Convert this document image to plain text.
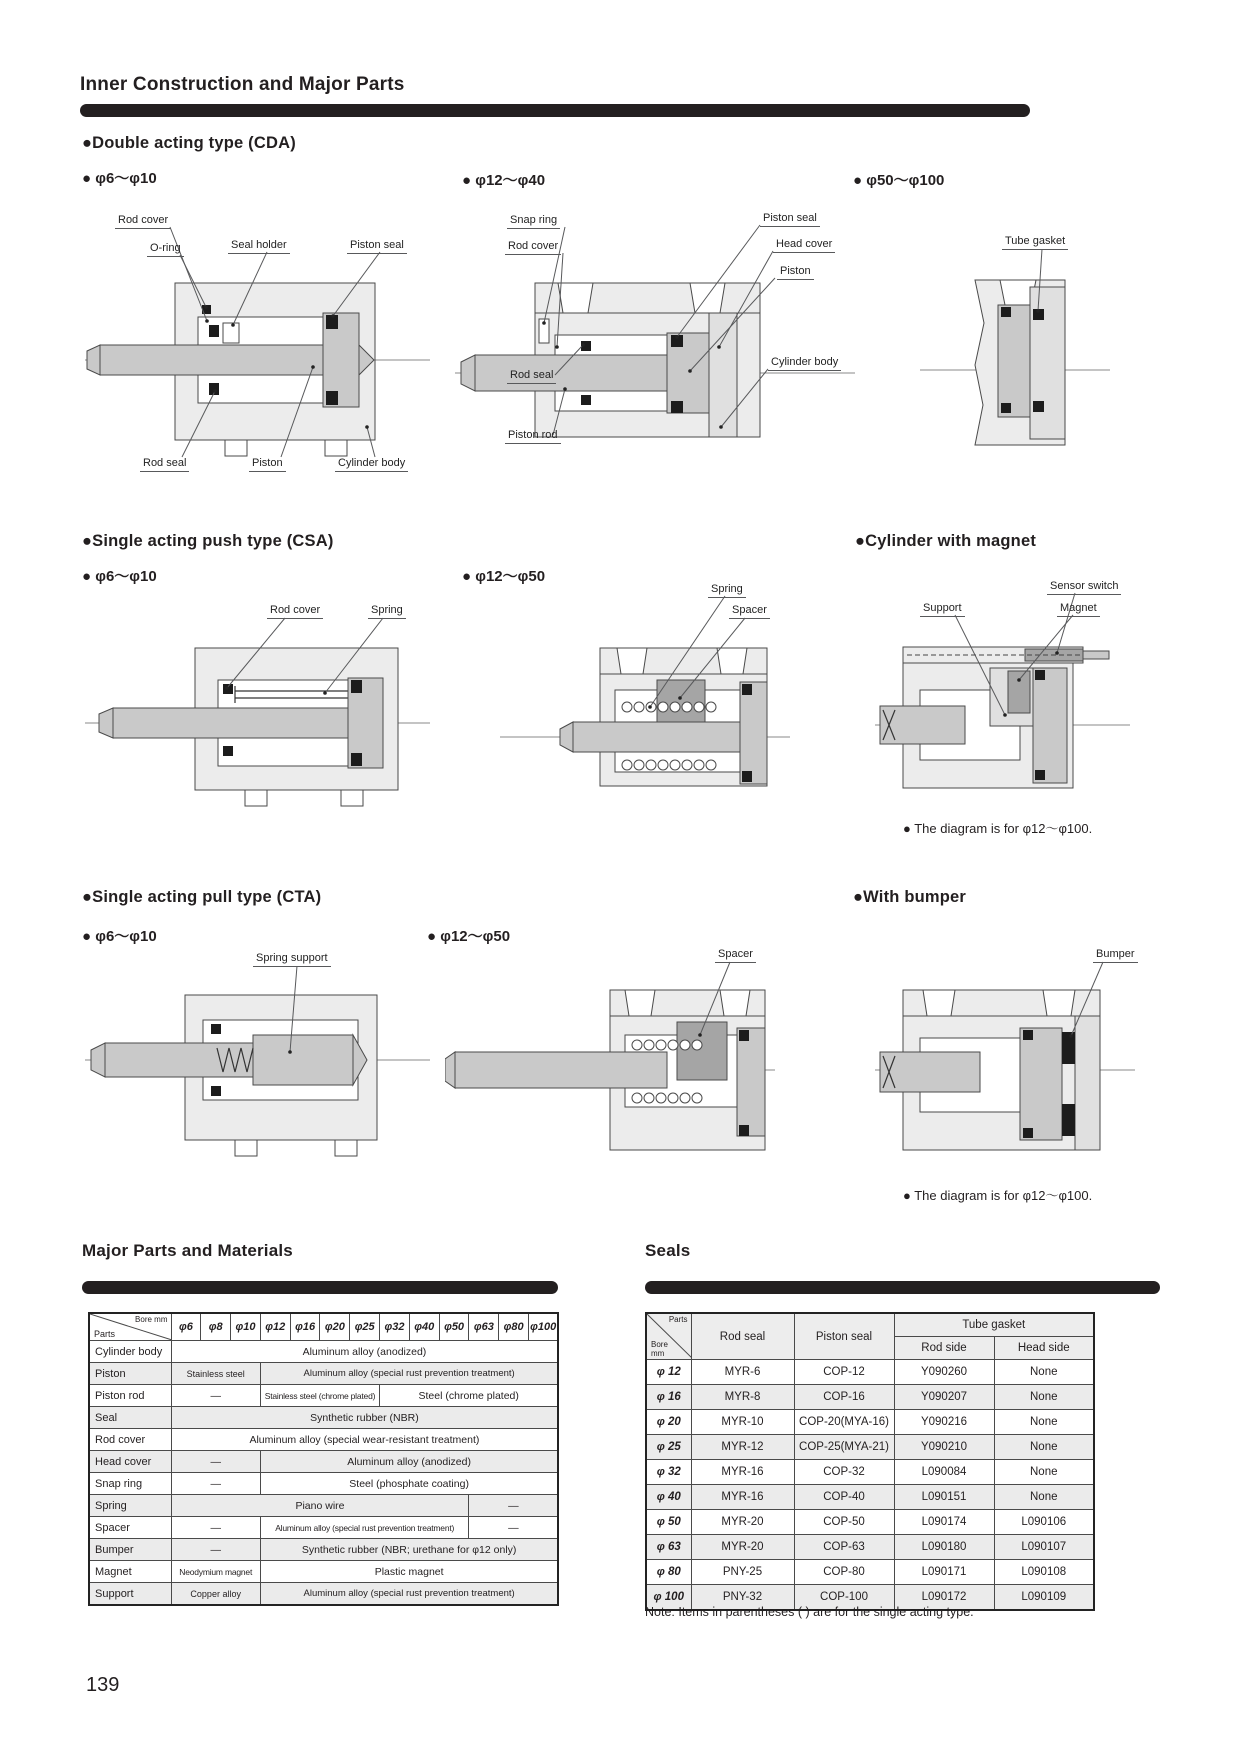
Inner Construction and Major Parts
●Double acting type (CDA)
● φ6～φ10	● φ12～φ40	● φ50～φ100
Rod cover
O-ring	Seal holder	Piston seal
Rod seal	Piston	Cylinder body
Snap ring
Rod cover
Piston seal
Head cover
Piston
Cylinder body
Rod seal
Piston rod
Tube gasket
●Single acting push type (CSA)	●Cylinder with magnet
● φ6～φ10	● φ12～φ50
Rod cover	Spring
Spring
Spacer	Support
Sensor switch
Magnet
● The diagram is for φ12～φ100.
●Single acting pull type (CTA)	●With bumper
● φ6～φ10	● φ12～φ50
Spring support	Spacer	Bumper
● The diagram is for φ12～φ100.
Major Parts and Materials
Bore mm
Parts	φ6	φ8	φ10	φ12	φ16	φ20	φ25	φ32	φ40	φ50	φ63	φ80	φ100
Cylinder body	Aluminum alloy (anodized)												
Piston	Stainless steel			Aluminum alloy (special rust prevention treatment)									
Piston rod	—			Stainless steel (chrome plated)				Steel (chrome plated)					
Seal	Synthetic rubber (NBR)												
Rod cover	Aluminum alloy (special wear-resistant treatment)												
Head cover	—			Aluminum alloy (anodized)									
Snap ring	—			Steel (phosphate coating)									
Spring	Piano wire										—		
Spacer	—			Aluminum alloy (special rust prevention treatment)							—		
Bumper	—			Synthetic rubber (NBR; urethane for φ12 only)									
Magnet	Neodymium magnet			Plastic magnet									
Support	Copper alloy			Aluminum alloy (special rust prevention treatment)									
Seals
Parts
Bore
mm	Rod seal	Piston seal	Tube gasket	
			Rod side	Head side
φ 12	MYR-6	COP-12	Y090260	None
φ 16	MYR-8	COP-16	Y090207	None
φ 20	MYR-10	COP-20(MYA-16)	Y090216	None
φ 25	MYR-12	COP-25(MYA-21)	Y090210	None
φ 32	MYR-16	COP-32	L090084	None
φ 40	MYR-16	COP-40	L090151	None
φ 50	MYR-20	COP-50	L090174	L090106
φ 63	MYR-20	COP-63	L090180	L090107
φ 80	PNY-25	COP-80	L090171	L090108
φ 100	PNY-32	COP-100	L090172	L090109
Note: Items in parentheses ( ) are for the single acting type.
139
